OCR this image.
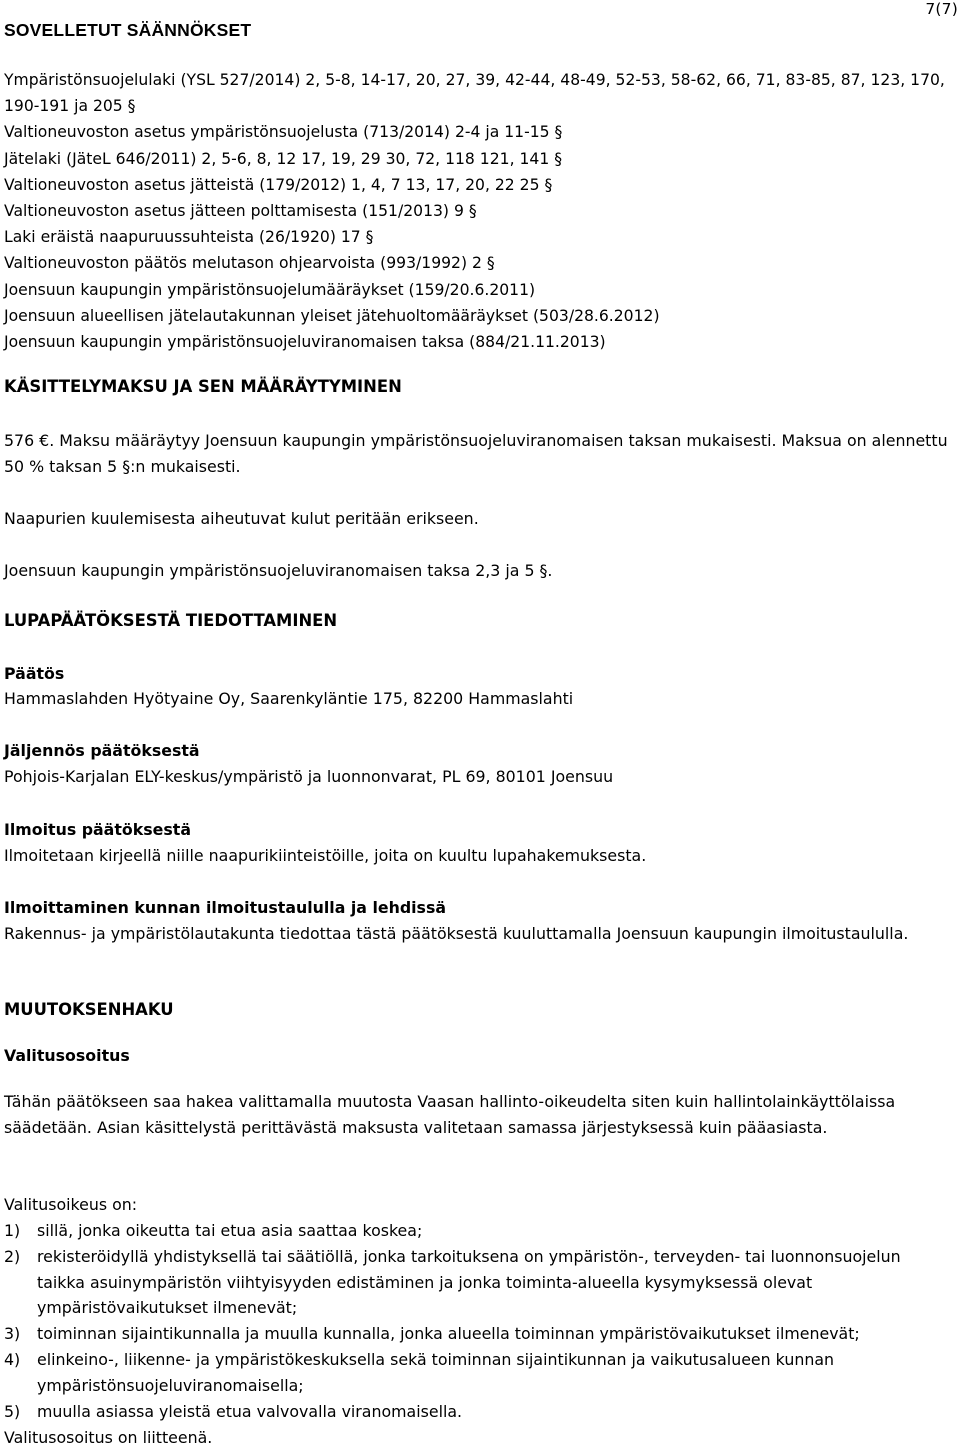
7(7)
SOVELLETUT SÄÄNNÖKSET
Ympäristönsuojelulaki (YSL 527/2014) 2, 5-8, 14-17, 20, 27, 39, 42-44, 48-49, 52-53, 58-62, 66, 71, 83-85, 87, 123, 170, 190-191 ja 205 §
Valtioneuvoston asetus ympäristönsuojelusta (713/2014) 2-4 ja 11-15 §
Jätelaki (JäteL 646/2011) 2, 5-6, 8, 12 17, 19, 29 30, 72, 118 121, 141 §
Valtioneuvoston asetus jätteistä (179/2012) 1, 4, 7 13, 17, 20, 22 25 §
Valtioneuvoston asetus jätteen polttamisesta (151/2013) 9 §
Laki eräistä naapuruussuhteista (26/1920) 17 §
Valtioneuvoston päätös melutason ohjearvoista (993/1992) 2 §
Joensuun kaupungin ympäristönsuojelumääräykset (159/20.6.2011)
Joensuun alueellisen jätelautakunnan yleiset jätehuoltomääräykset (503/28.6.2012)
Joensuun kaupungin ympäristönsuojeluviranomaisen taksa (884/21.11.2013)
KÄSITTELYMAKSU JA SEN MÄÄRÄYTYMINEN
576 €. Maksu määräytyy Joensuun kaupungin ympäristönsuojeluviranomaisen taksan mukaisesti. Maksua on alennettu 50 % taksan 5 §:n mukaisesti.
Naapurien kuulemisesta aiheutuvat kulut peritään erikseen.
Joensuun kaupungin ympäristönsuojeluviranomaisen taksa 2,3 ja 5 §.
LUPAPÄÄTÖKSESTÄ TIEDOTTAMINEN
Päätös
Hammaslahden Hyötyaine Oy, Saarenkyläntie 175, 82200 Hammaslahti
Jäljennös päätöksestä
Pohjois-Karjalan ELY-keskus/ympäristö ja luonnonvarat, PL 69, 80101 Joensuu
Ilmoitus päätöksestä
Ilmoitetaan kirjeellä niille naapurikiinteistöille, joita on kuultu lupahakemuksesta.
Ilmoittaminen kunnan ilmoitustaululla ja lehdissä
Rakennus- ja ympäristölautakunta tiedottaa tästä päätöksestä kuuluttamalla Joensuun kaupungin ilmoitustaululla.
MUUTOKSENHAKU
Valitusosoitus
Tähän päätökseen saa hakea valittamalla muutosta Vaasan hallinto-oikeudelta siten kuin hallintolainkäyttölaissa säädetään. Asian käsittelystä perittävästä maksusta valitetaan samassa järjestyksessä kuin pääasiasta.
Valitusoikeus on:
1)	sillä, jonka oikeutta tai etua asia saattaa koskea;
2)	rekisteröidyllä yhdistyksellä tai säätiöllä, jonka tarkoituksena on ympäristön-, terveyden- tai luonnonsuojelun taikka asuinympäristön viihtyisyyden edistäminen ja jonka toiminta-alueella kysymyksessä olevat ympäristövaikutukset ilmenevät;
3)	toiminnan sijaintikunnalla ja muulla kunnalla, jonka alueella toiminnan ympäristövaikutukset ilmenevät;
4)	elinkeino-, liikenne- ja ympäristökeskuksella sekä toiminnan sijaintikunnan ja vaikutusalueen kunnan ympäristönsuojeluviranomaisella;
5)	muulla asiassa yleistä etua valvovalla viranomaisella.
Valitusosoitus on liitteenä.
